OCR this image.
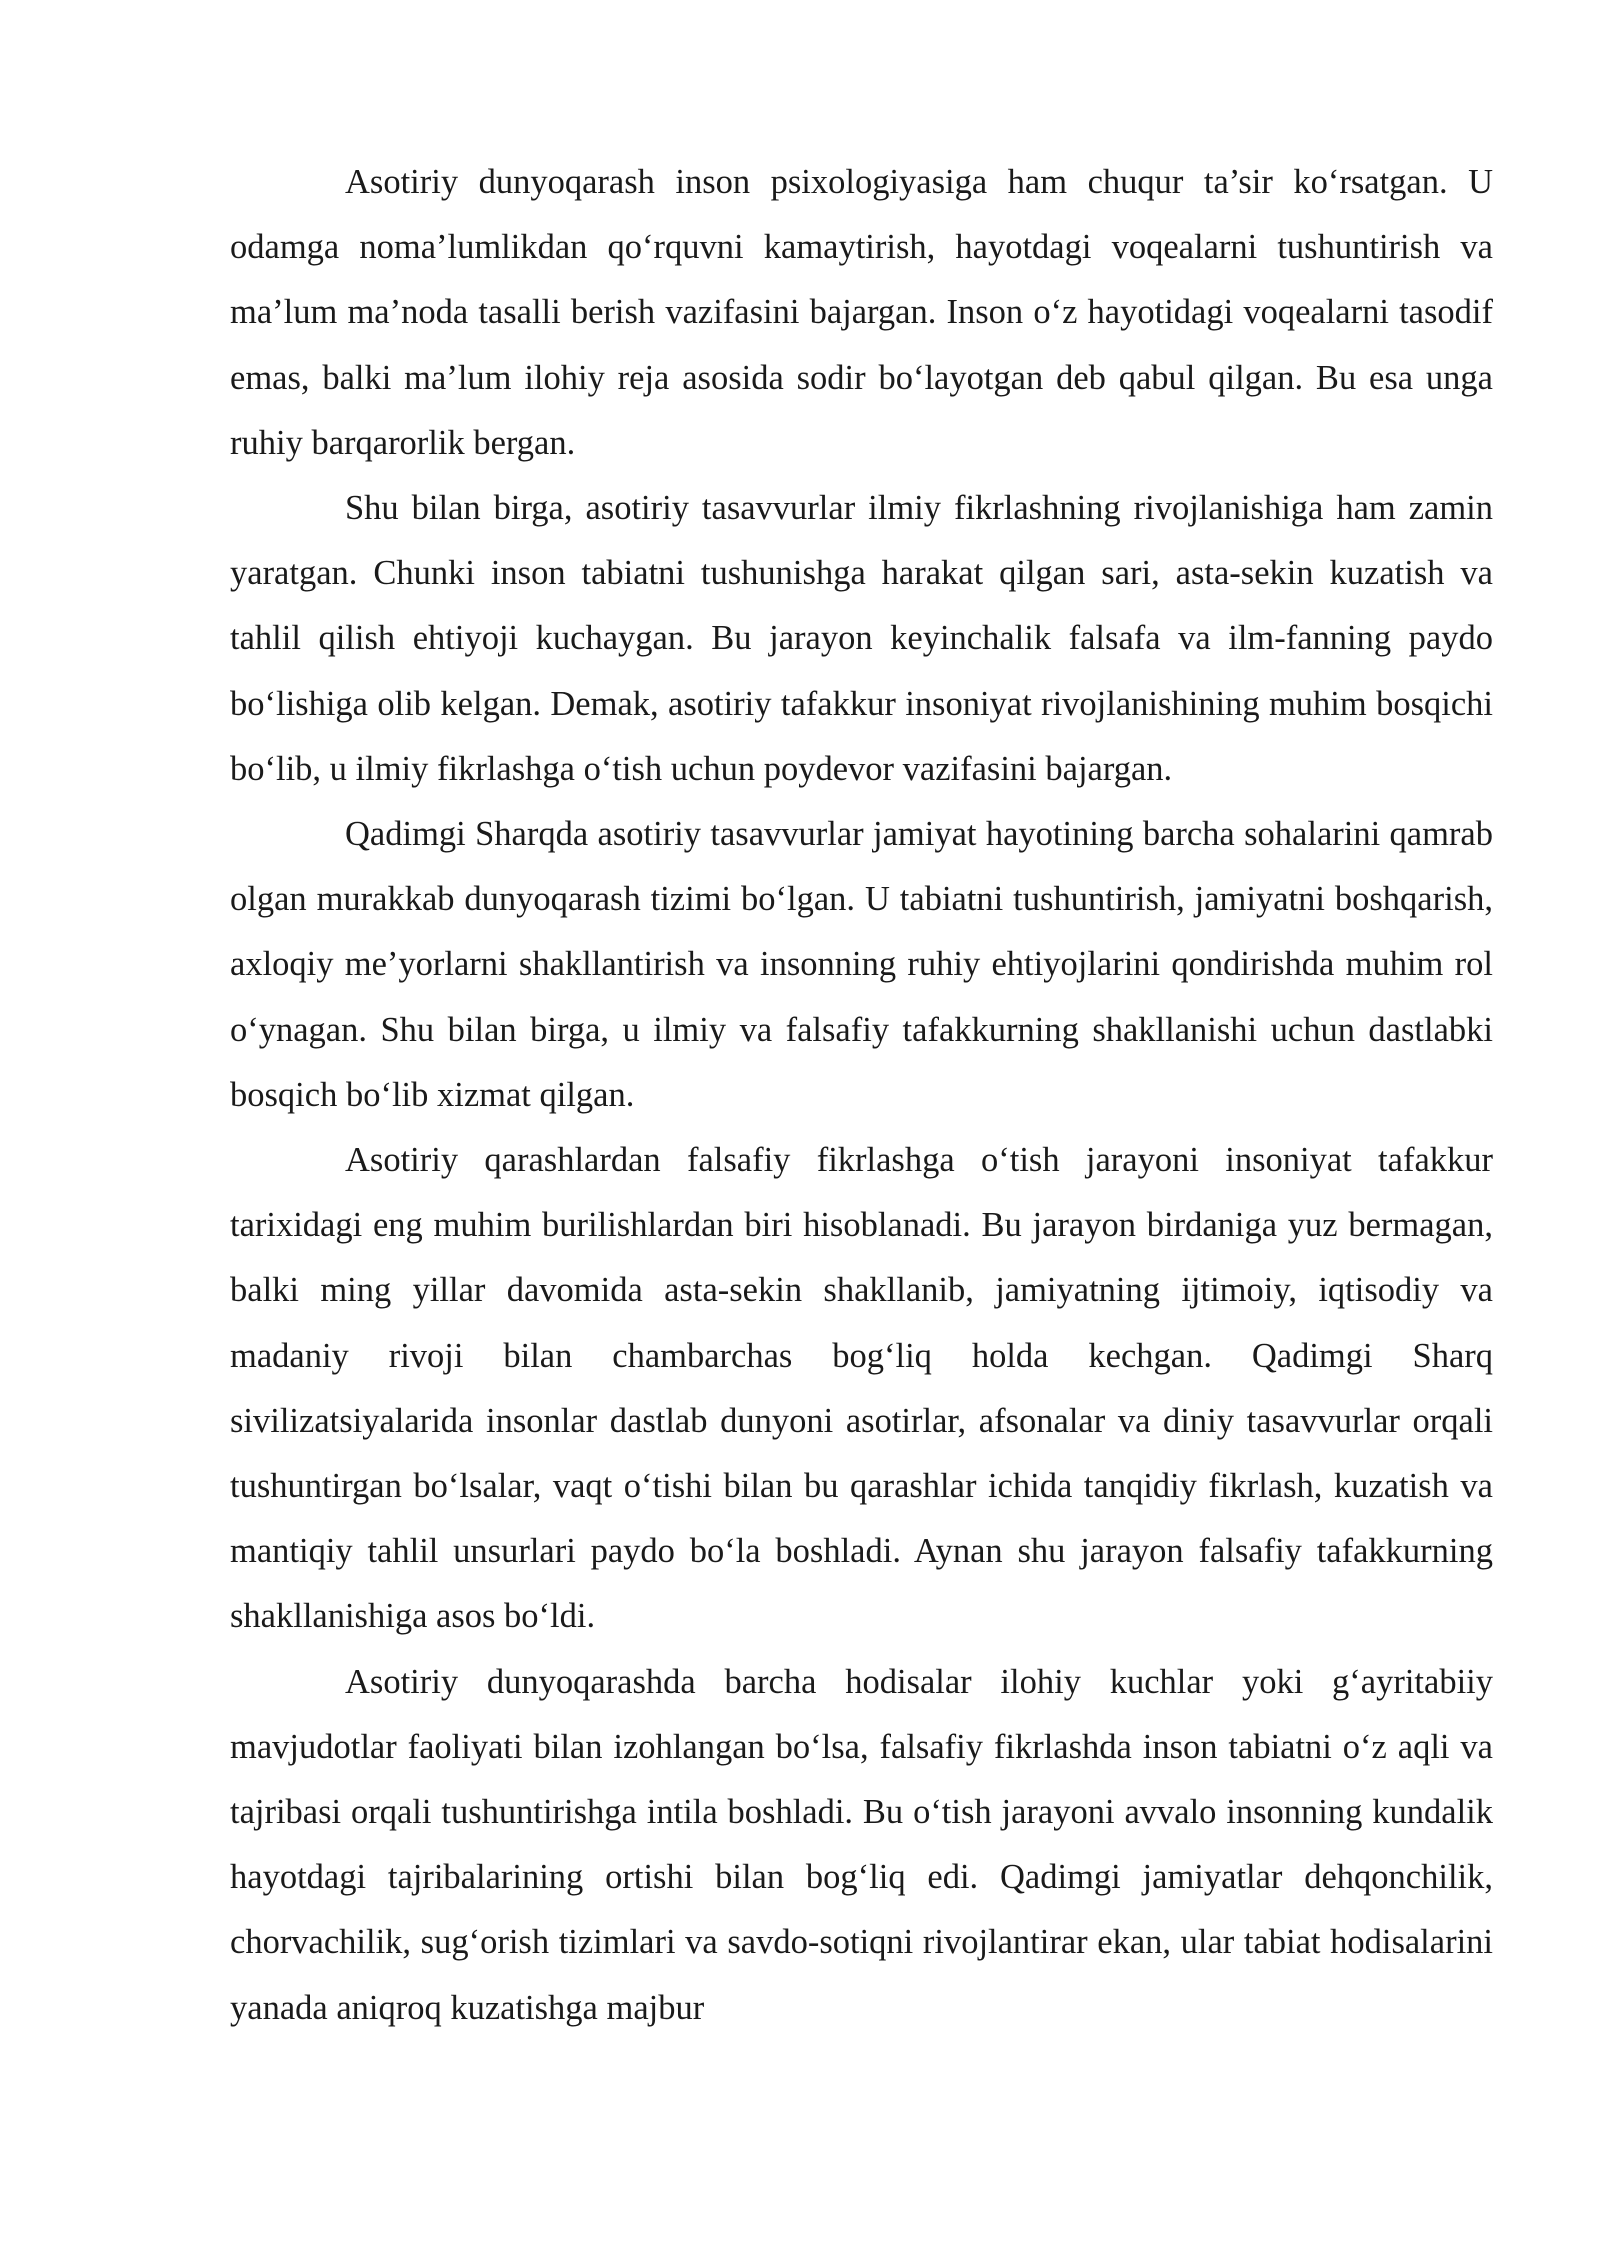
Asotiriy dunyoqarash inson psixologiyasiga ham chuqur ta’sir ko‘rsatgan. U odamga noma’lumlikdan qo‘rquvni kamaytirish, hayotdagi voqealarni tushuntirish va ma’lum ma’noda tasalli berish vazifasini bajargan. Inson o‘z hayotidagi voqealarni tasodif emas, balki ma’lum ilohiy reja asosida sodir bo‘layotgan deb qabul qilgan. Bu esa unga ruhiy barqarorlik bergan.

Shu bilan birga, asotiriy tasavvurlar ilmiy fikrlashning rivojlanishiga ham zamin yaratgan. Chunki inson tabiatni tushunishga harakat qilgan sari, asta-sekin kuzatish va tahlil qilish ehtiyoji kuchaygan. Bu jarayon keyinchalik falsafa va ilm-fanning paydo bo‘lishiga olib kelgan. Demak, asotiriy tafakkur insoniyat rivojlanishining muhim bosqichi bo‘lib, u ilmiy fikrlashga o‘tish uchun poydevor vazifasini bajargan.

Qadimgi Sharqda asotiriy tasavvurlar jamiyat hayotining barcha sohalarini qamrab olgan murakkab dunyoqarash tizimi bo‘lgan. U tabiatni tushuntirish, jamiyatni boshqarish, axloqiy me’yorlarni shakllantirish va insonning ruhiy ehtiyojlarini qondirishda muhim rol o‘ynagan. Shu bilan birga, u ilmiy va falsafiy tafakkurning shakllanishi uchun dastlabki bosqich bo‘lib xizmat qilgan.

Asotiriy qarashlardan falsafiy fikrlashga o‘tish jarayoni insoniyat tafakkur tarixidagi eng muhim burilishlardan biri hisoblanadi. Bu jarayon birdaniga yuz bermagan, balki ming yillar davomida asta-sekin shakllanib, jamiyatning ijtimoiy, iqtisodiy va madaniy rivoji bilan chambarchas bog‘liq holda kechgan. Qadimgi Sharq sivilizatsiyalarida insonlar dastlab dunyoni asotirlar, afsonalar va diniy tasavvurlar orqali tushuntirgan bo‘lsalar, vaqt o‘tishi bilan bu qarashlar ichida tanqidiy fikrlash, kuzatish va mantiqiy tahlil unsurlari paydo bo‘la boshladi. Aynan shu jarayon falsafiy tafakkurning shakllanishiga asos bo‘ldi.

Asotiriy dunyoqarashda barcha hodisalar ilohiy kuchlar yoki g‘ayritabiiy mavjudotlar faoliyati bilan izohlangan bo‘lsa, falsafiy fikrlashda inson tabiatni o‘z aqli va tajribasi orqali tushuntirishga intila boshladi. Bu o‘tish jarayoni avvalo insonning kundalik hayotdagi tajribalarining ortishi bilan bog‘liq edi. Qadimgi jamiyatlar dehqonchilik, chorvachilik, sug‘orish tizimlari va savdo-sotiqni rivojlantirar ekan, ular tabiat hodisalarini yanada aniqroq kuzatishga majbur
